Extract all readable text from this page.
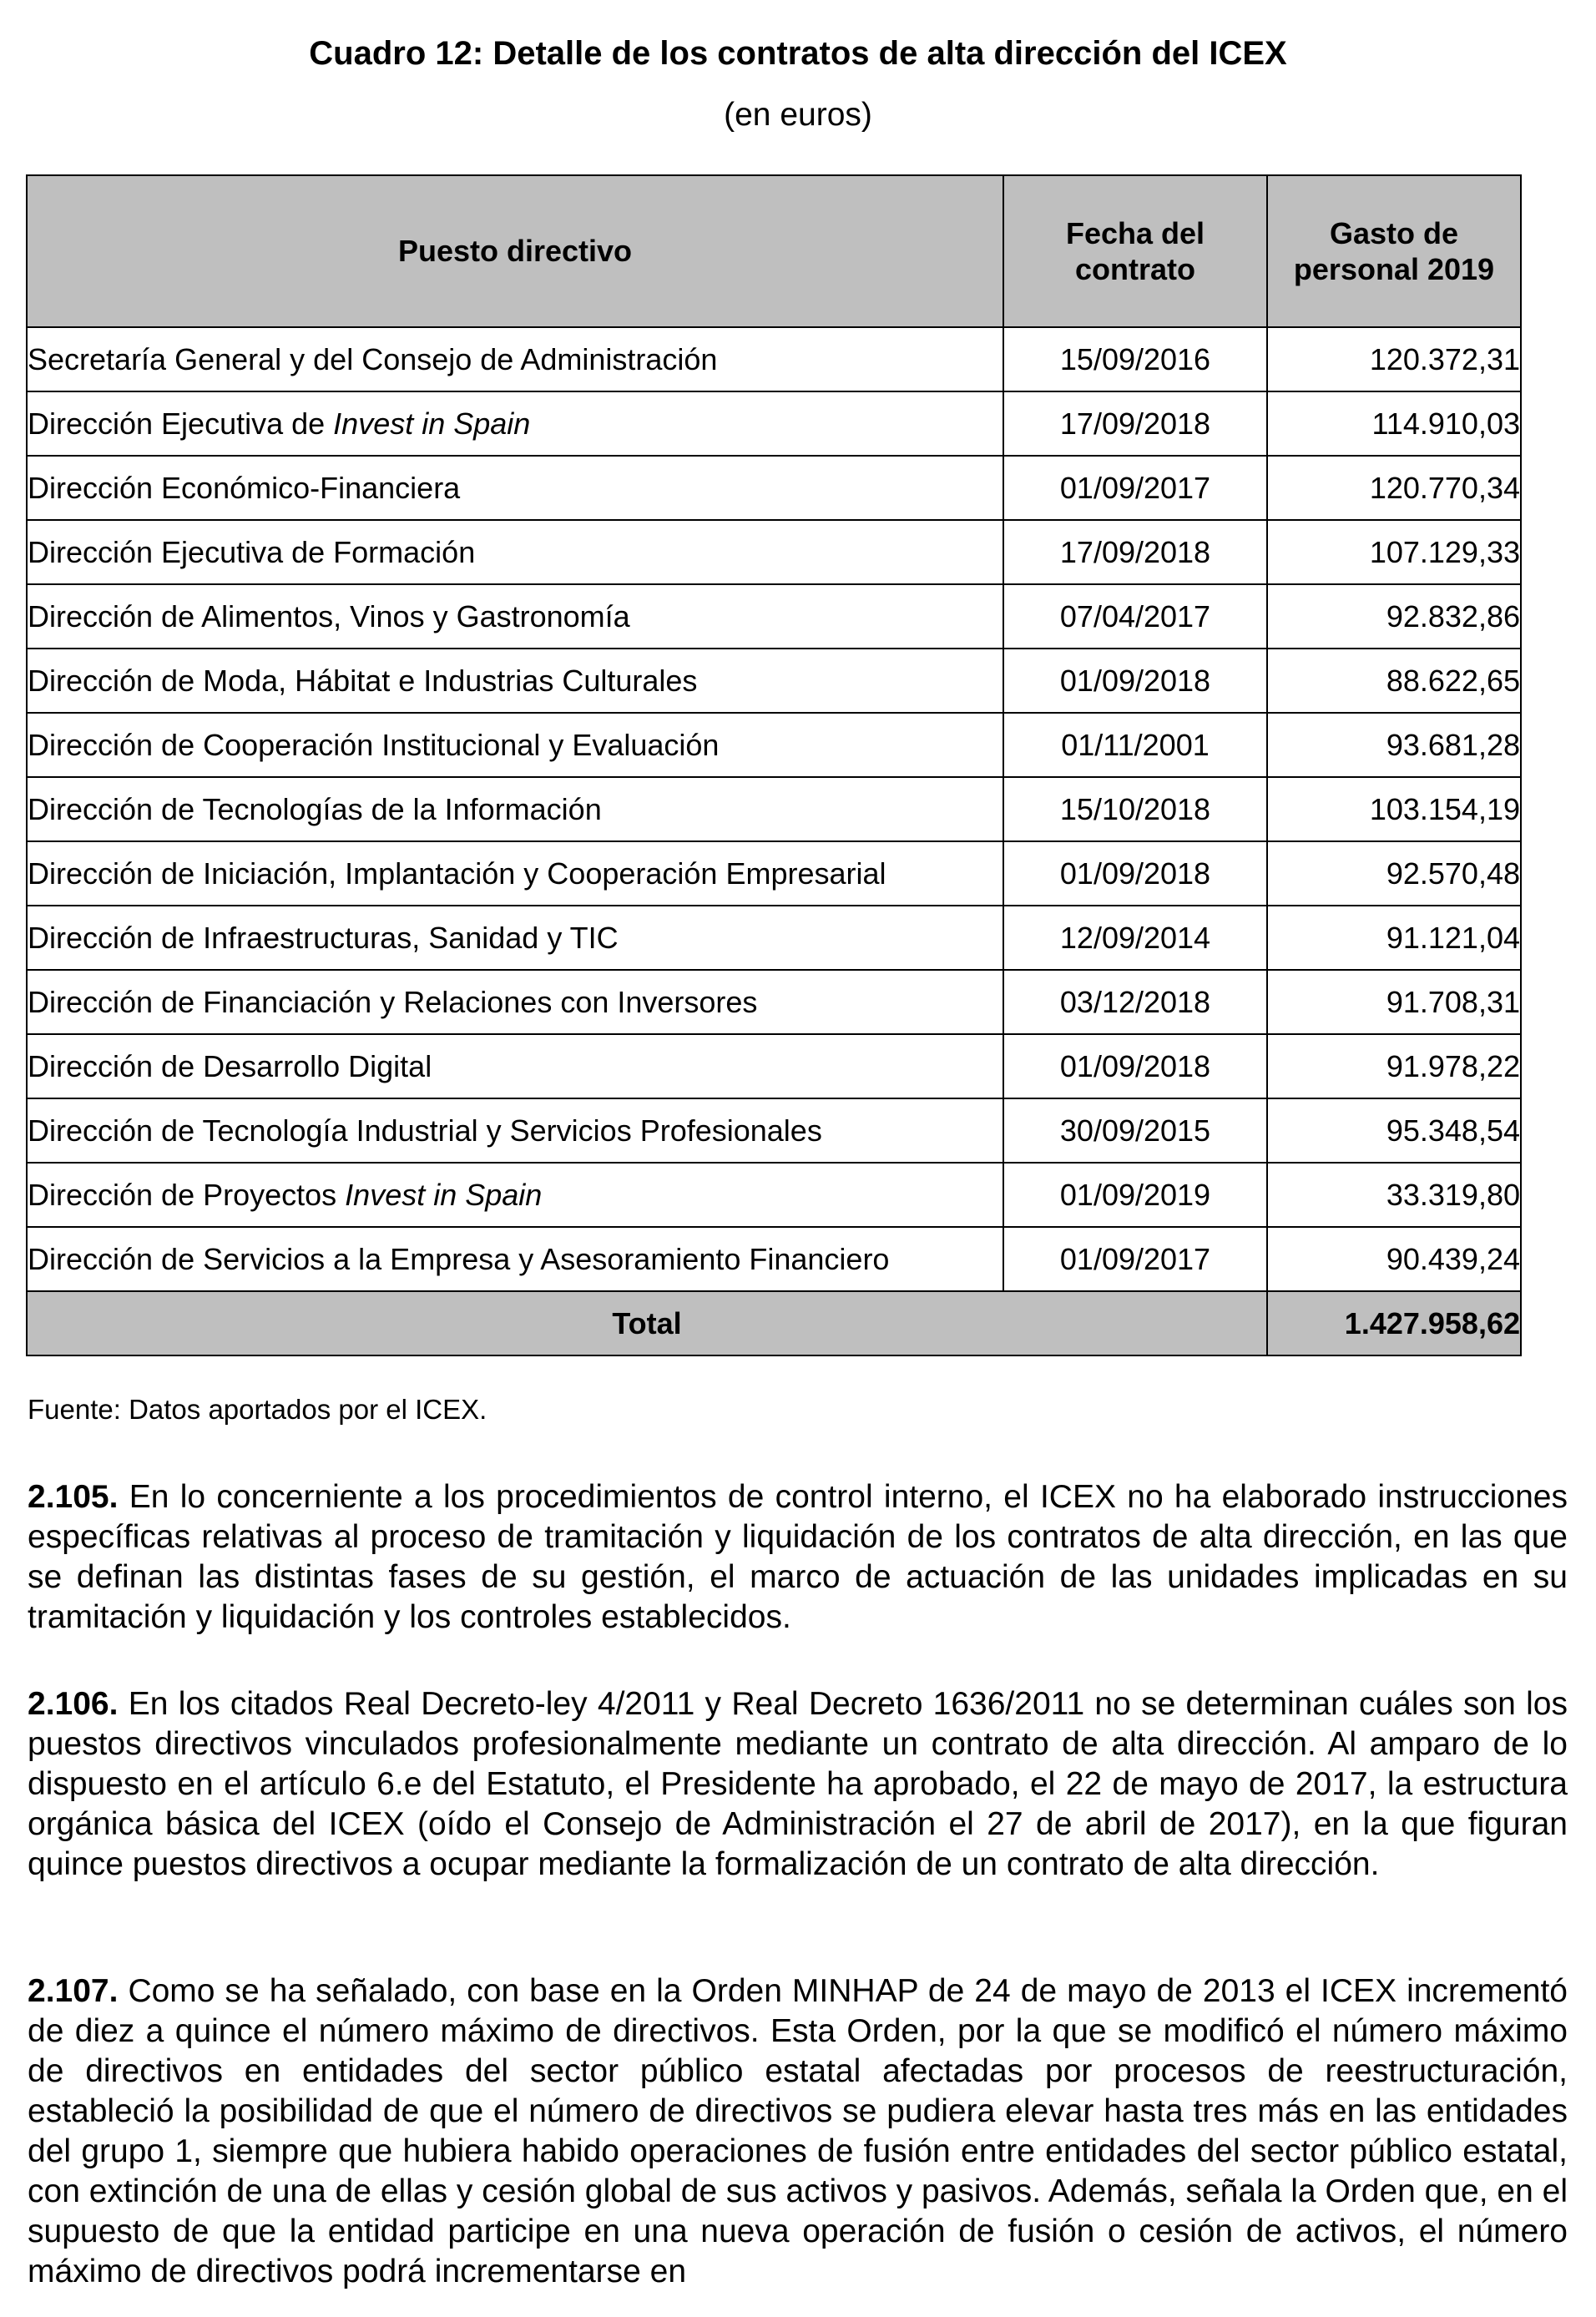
Cuadro 12: Detalle de los contratos de alta dirección del ICEX
(en euros)
Puesto directivo	Fecha del contrato	Gasto de personal 2019

Secretaría General y del Consejo de Administración	15/09/2016	120.372,31
Dirección Ejecutiva de Invest in Spain	17/09/2018	114.910,03
Dirección Económico-Financiera	01/09/2017	120.770,34
Dirección Ejecutiva de Formación	17/09/2018	107.129,33
Dirección de Alimentos, Vinos y Gastronomía	07/04/2017	92.832,86
Dirección de Moda, Hábitat e Industrias Culturales	01/09/2018	88.622,65
Dirección de Cooperación Institucional y Evaluación	01/11/2001	93.681,28
Dirección de Tecnologías de la Información	15/10/2018	103.154,19
Dirección de Iniciación, Implantación y Cooperación Empresarial	01/09/2018	92.570,48
Dirección de Infraestructuras, Sanidad y TIC	12/09/2014	91.121,04
Dirección de Financiación y Relaciones con Inversores	03/12/2018	91.708,31
Dirección de Desarrollo Digital	01/09/2018	91.978,22
Dirección de Tecnología Industrial y Servicios Profesionales	30/09/2015	95.348,54
Dirección de Proyectos Invest in Spain	01/09/2019	33.319,80
Dirección de Servicios a la Empresa y Asesoramiento Financiero	01/09/2017	90.439,24
Total		1.427.958,62
Fuente: Datos aportados por el ICEX.

2.105. En lo concerniente a los procedimientos de control interno, el ICEX no ha elaborado instrucciones específicas relativas al proceso de tramitación y liquidación de los contratos de alta dirección, en las que se definan las distintas fases de su gestión, el marco de actuación de las unidades implicadas en su tramitación y liquidación y los controles establecidos.

2.106. En los citados Real Decreto-ley 4/2011 y Real Decreto 1636/2011 no se determinan cuáles son los puestos directivos vinculados profesionalmente mediante un contrato de alta dirección. Al amparo de lo dispuesto en el artículo 6.e del Estatuto, el Presidente ha aprobado, el 22 de mayo de 2017, la estructura orgánica básica del ICEX (oído el Consejo de Administración el 27 de abril de 2017), en la que figuran quince puestos directivos a ocupar mediante la formalización de un contrato de alta dirección.

2.107. Como se ha señalado, con base en la Orden MINHAP de 24 de mayo de 2013 el ICEX incrementó de diez a quince el número máximo de directivos. Esta Orden, por la que se modificó el número máximo de directivos en entidades del sector público estatal afectadas por procesos de reestructuración, estableció la posibilidad de que el número de directivos se pudiera elevar hasta tres más en las entidades del grupo 1, siempre que hubiera habido operaciones de fusión entre entidades del sector público estatal, con extinción de una de ellas y cesión global de sus activos y pasivos. Además, señala la Orden que, en el supuesto de que la entidad participe en una nueva operación de fusión o cesión de activos, el número máximo de directivos podrá incrementarse en
